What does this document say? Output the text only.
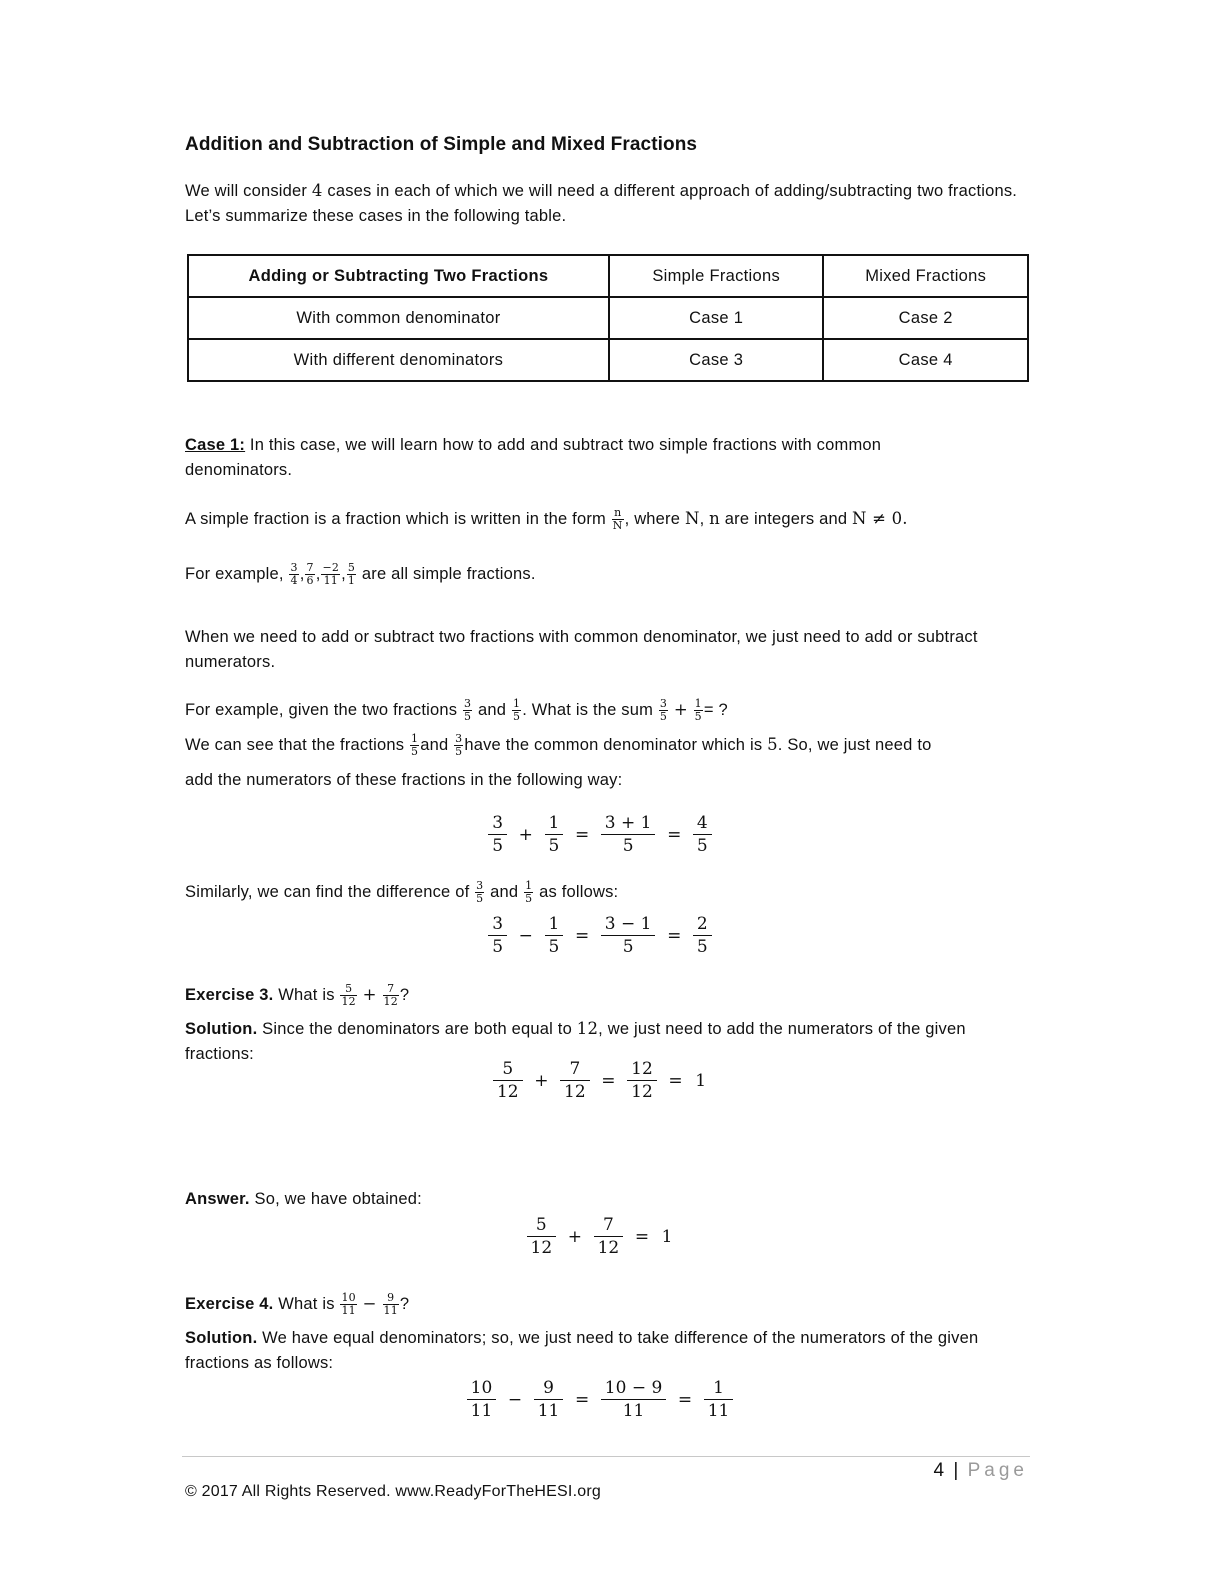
Addition and Subtraction of Simple and Mixed Fractions
We will consider 4 cases in each of which we will need a different approach of adding/subtracting two fractions. Let’s summarize these cases in the following table.
Adding or Subtracting Two Fractions	Simple Fractions	Mixed Fractions
With common denominator	Case 1	Case 2
With different denominators	Case 3	Case 4
Case 1: In this case, we will learn how to add and subtract two simple fractions with common denominators.
A simple fraction is a fraction which is written in the form $\frac{n}{N}$ , where N, n are integers and N ≠ 0.
For example, $\frac{3}{4}$ , $\frac{7}{6}$ , $\frac{-2}{11}$ , $\frac{5}{1}$ are all simple fractions.
When we need to add or subtract two fractions with common denominator, we just need to add or subtract numerators.
For example, given the two fractions $\frac{3}{5}$ and $\frac{1}{5}$ . What is the sum $\frac{3}{5} + \frac{1}{5}$ = ?
We can see that the fractions $\frac{1}{5}$ and $\frac{3}{5}$ have the common denominator which is 5. So, we just need to
add the numerators of these fractions in the following way:
$\frac{3}{5} + \frac{1}{5} = \frac{3 + 1}{5} = \frac{4}{5}$
Similarly, we can find the difference of $\frac{3}{5}$ and $\frac{1}{5}$ as follows:
$\frac{3}{5} - \frac{1}{5} = \frac{3 - 1}{5} = \frac{2}{5}$
Exercise 3. What is $\frac{5}{12} + \frac{7}{12}$ ?
Solution. Since the denominators are both equal to 12, we just need to add the numerators of the given fractions:
$\frac{5}{12} + \frac{7}{12} = \frac{12}{12} = 1$
Answer. So, we have obtained:
$\frac{5}{12} + \frac{7}{12} = 1$
Exercise 4. What is $\frac{10}{11} - \frac{9}{11}$ ?
Solution. We have equal denominators; so, we just need to take difference of the numerators of the given fractions as follows:
$\frac{10}{11} - \frac{9}{11} = \frac{10 - 9}{11} = \frac{1}{11}$
4 | Page
© 2017 All Rights Reserved. www.ReadyForTheHESI.org
